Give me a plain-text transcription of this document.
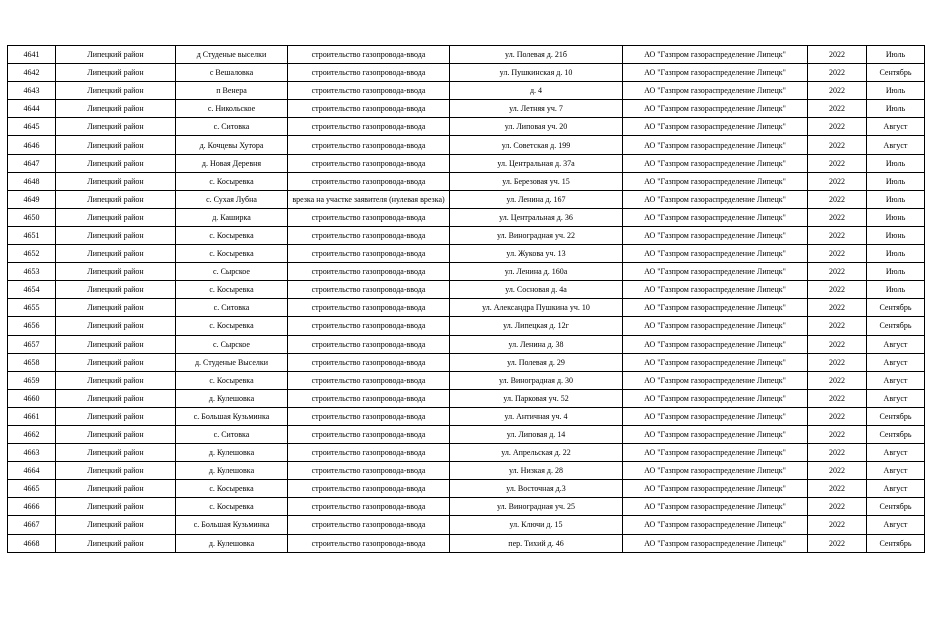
4641	Липецкий район	д Студеные выселки	строительство газопровода-ввода	ул. Полевая д. 21б	АО "Газпром газораспределение Липецк"	2022	Июль
4642	Липецкий район	с Вешаловка	строительство газопровода-ввода	ул. Пушкинская д. 10	АО "Газпром газораспределение Липецк"	2022	Сентябрь
4643	Липецкий район	п Венера	строительство газопровода-ввода	д. 4	АО "Газпром газораспределение Липецк"	2022	Июль
4644	Липецкий район	с. Никольское	строительство газопровода-ввода	ул. Летняя уч. 7	АО "Газпром газораспределение Липецк"	2022	Июль
4645	Липецкий район	с. Ситовка	строительство газопровода-ввода	ул. Липовая уч. 20	АО "Газпром газораспределение Липецк"	2022	Август
4646	Липецкий район	д. Кочцевы Хутора	строительство газопровода-ввода	ул. Советская д. 199	АО "Газпром газораспределение Липецк"	2022	Август
4647	Липецкий район	д. Новая Деревня	строительство газопровода-ввода	ул. Центральная д. 37а	АО "Газпром газораспределение Липецк"	2022	Июль
4648	Липецкий район	с. Косыревка	строительство газопровода-ввода	ул. Березовая уч. 15	АО "Газпром газораспределение Липецк"	2022	Июль
4649	Липецкий район	с. Сухая Лубна	врезка на участке заявителя (нулевая врезка)	ул. Ленина д. 167	АО "Газпром газораспределение Липецк"	2022	Июль
4650	Липецкий район	д. Каширка	строительство газопровода-ввода	ул. Центральная д. 36	АО "Газпром газораспределение Липецк"	2022	Июнь
4651	Липецкий район	с. Косыревка	строительство газопровода-ввода	ул. Виноградная уч. 22	АО "Газпром газораспределение Липецк"	2022	Июнь
4652	Липецкий район	с. Косыревка	строительство газопровода-ввода	ул. Жукова уч. 13	АО "Газпром газораспределение Липецк"	2022	Июль
4653	Липецкий район	с. Сырское	строительство газопровода-ввода	ул. Ленина д. 160а	АО "Газпром газораспределение Липецк"	2022	Июль
4654	Липецкий район	с. Косыревка	строительство газопровода-ввода	ул. Сосновая д. 4а	АО "Газпром газораспределение Липецк"	2022	Июль
4655	Липецкий район	с. Ситовка	строительство газопровода-ввода	ул. Александра Пушкина уч. 10	АО "Газпром газораспределение Липецк"	2022	Сентябрь
4656	Липецкий район	с. Косыревка	строительство газопровода-ввода	ул. Липецкая д. 12г	АО "Газпром газораспределение Липецк"	2022	Сентябрь
4657	Липецкий район	с. Сырское	строительство газопровода-ввода	ул. Ленина д. 38	АО "Газпром газораспределение Липецк"	2022	Август
4658	Липецкий район	д. Студеные Выселки	строительство газопровода-ввода	ул. Полевая д. 29	АО "Газпром газораспределение Липецк"	2022	Август
4659	Липецкий район	с. Косыревка	строительство газопровода-ввода	ул. Виноградная д. 30	АО "Газпром газораспределение Липецк"	2022	Август
4660	Липецкий район	д. Кулешовка	строительство газопровода-ввода	ул. Парковая уч. 52	АО "Газпром газораспределение Липецк"	2022	Август
4661	Липецкий район	с. Большая Кузьминка	строительство газопровода-ввода	ул. Античная уч. 4	АО "Газпром газораспределение Липецк"	2022	Сентябрь
4662	Липецкий район	с. Ситовка	строительство газопровода-ввода	ул. Липовая д. 14	АО "Газпром газораспределение Липецк"	2022	Сентябрь
4663	Липецкий район	д. Кулешовка	строительство газопровода-ввода	ул. Апрельская д. 22	АО "Газпром газораспределение Липецк"	2022	Август
4664	Липецкий район	д. Кулешовка	строительство газопровода-ввода	ул. Низкая д. 28	АО "Газпром газораспределение Липецк"	2022	Август
4665	Липецкий район	с. Косыревка	строительство газопровода-ввода	ул. Восточная д.3	АО "Газпром газораспределение Липецк"	2022	Август
4666	Липецкий район	с. Косыревка	строительство газопровода-ввода	ул. Виноградная уч. 25	АО "Газпром газораспределение Липецк"	2022	Сентябрь
4667	Липецкий район	с. Большая Кузьминка	строительство газопровода-ввода	ул. Ключи д. 15	АО "Газпром газораспределение Липецк"	2022	Август
4668	Липецкий район	д. Кулешовка	строительство газопровода-ввода	пер. Тихий д. 46	АО "Газпром газораспределение Липецк"	2022	Сентябрь
